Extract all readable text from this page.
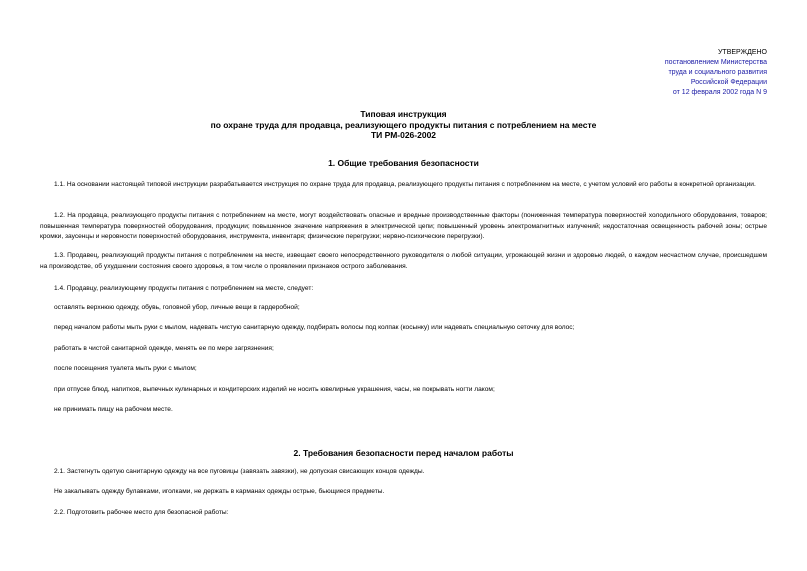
УТВЕРЖДЕНО
постановлением Министерства
труда и социального развития
Российской Федерации
от 12 февраля 2002 года N 9
Типовая инструкция
по охране труда для продавца, реализующего продукты питания с потреблением на месте
ТИ РМ-026-2002
1. Общие требования безопасности
1.1. На основании настоящей типовой инструкции разрабатывается инструкция по охране труда для продавца, реализующего продукты питания с потреблением на месте, с учетом условий его работы в конкретной организации.
1.2. На продавца, реализующего продукты питания с потреблением на месте, могут воздействовать опасные и вредные производственные факторы (пониженная температура поверхностей холодильного оборудования, товаров; повышенная температура поверхностей оборудования, продукции; повышенное значение напряжения в электрической цепи; повышенный уровень электромагнитных излучений; недостаточная освещенность рабочей зоны; острые кромки, заусенцы и неровности поверхностей оборудования, инструмента, инвентаря; физические перегрузки; нервно-психические перегрузки).
1.3. Продавец, реализующий продукты питания с потреблением на месте, извещает своего непосредственного руководителя о любой ситуации, угрожающей жизни и здоровью людей, о каждом несчастном случае, происшедшем на производстве, об ухудшении состояния своего здоровья, в том числе о проявлении признаков острого заболевания.
1.4. Продавцу, реализующему продукты питания с потреблением на месте, следует:
оставлять верхнюю одежду, обувь, головной убор, личные вещи в гардеробной;
перед началом работы мыть руки с мылом, надевать чистую санитарную одежду, подбирать волосы под колпак (косынку) или надевать специальную сеточку для волос;
работать в чистой санитарной одежде, менять ее по мере загрязнения;
после посещения туалета мыть руки с мылом;
при отпуске блюд, напитков, выпечных кулинарных и кондитерских изделий не носить ювелирные украшения, часы, не покрывать ногти лаком;
не принимать пищу на рабочем месте.
2. Требования безопасности перед началом работы
2.1. Застегнуть одетую санитарную одежду на все пуговицы (завязать завязки), не допуская свисающих концов одежды.
Не закалывать одежду булавками, иголками, не держать в карманах одежды острые, бьющиеся предметы.
2.2. Подготовить рабочее место для безопасной работы:
